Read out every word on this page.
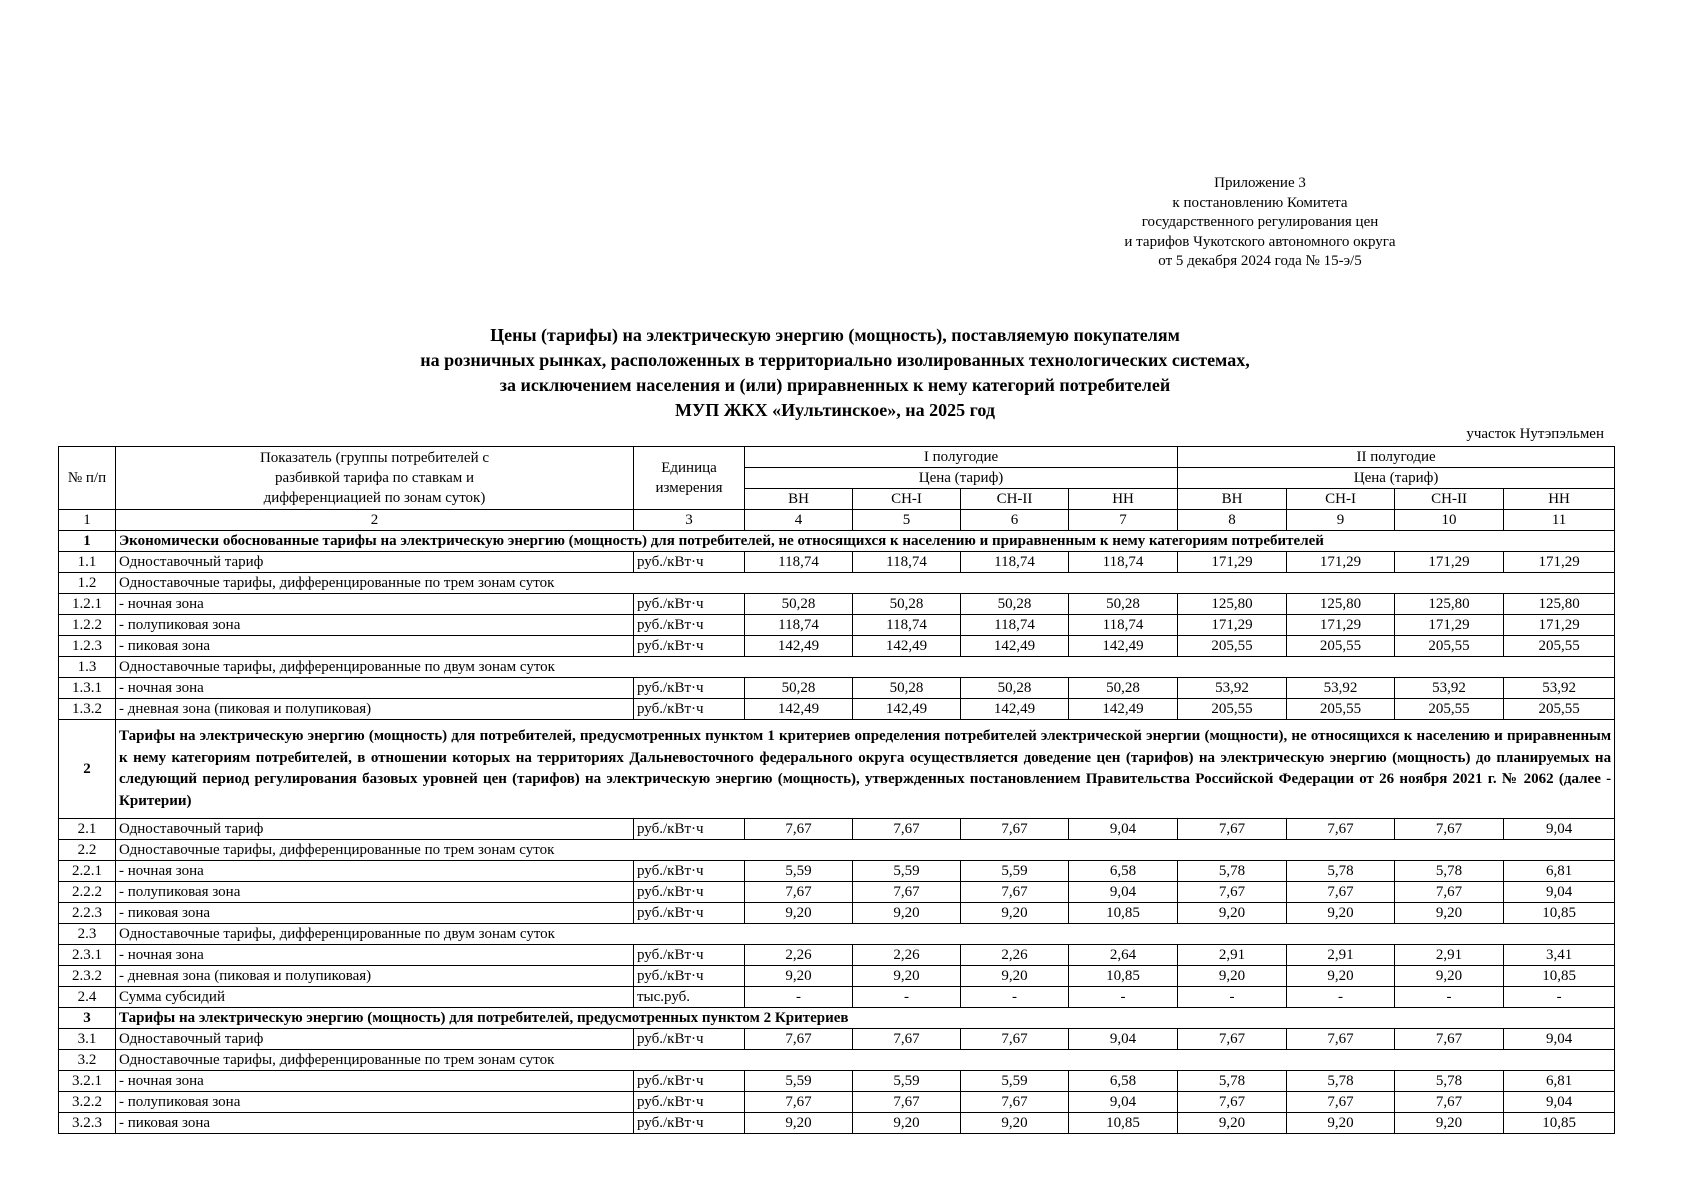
Приложение 3
к постановлению Комитета
государственного регулирования цен
и тарифов Чукотского автономного округа
от 5 декабря 2024 года № 15-э/5
Цены (тарифы) на электрическую энергию (мощность), поставляемую покупателям
на розничных рынках, расположенных в территориально изолированных технологических системах,
за исключением населения и (или) приравненных к нему категорий потребителей
МУП ЖКХ «Иультинское», на 2025 год
участок Нутэпэльмен
№ п/п	Показатель (группы потребителей с разбивкой тарифа по ставкам и дифференциацией по зонам суток)	Единица измерения	I полугодие				II полугодие			
			Цена (тариф)				Цена (тариф)			
			ВН	СН-I	СН-II	НН	ВН	СН-I	СН-II	НН
1	2	3	4	5	6	7	8	9	10	11
1	Экономически обоснованные тарифы на электрическую энергию (мощность) для потребителей, не относящихся к населению и приравненным к нему категориям потребителей									
1.1	Одноставочный тариф	руб./кВт·ч	118,74	118,74	118,74	118,74	171,29	171,29	171,29	171,29
1.2	Одноставочные тарифы, дифференцированные по трем зонам суток									
1.2.1	- ночная зона	руб./кВт·ч	50,28	50,28	50,28	50,28	125,80	125,80	125,80	125,80
1.2.2	- полупиковая зона	руб./кВт·ч	118,74	118,74	118,74	118,74	171,29	171,29	171,29	171,29
1.2.3	- пиковая зона	руб./кВт·ч	142,49	142,49	142,49	142,49	205,55	205,55	205,55	205,55
1.3	Одноставочные тарифы, дифференцированные по двум зонам суток									
1.3.1	- ночная зона	руб./кВт·ч	50,28	50,28	50,28	50,28	53,92	53,92	53,92	53,92
1.3.2	- дневная зона (пиковая и полупиковая)	руб./кВт·ч	142,49	142,49	142,49	142,49	205,55	205,55	205,55	205,55
2	Тарифы на электрическую энергию (мощность) для потребителей, предусмотренных пунктом 1 критериев определения потребителей электрической энергии (мощности), не относящихся к населению и приравненным к нему категориям потребителей, в отношении которых на территориях Дальневосточного федерального округа осуществляется доведение цен (тарифов) на электрическую энергию (мощность) до планируемых на следующий период регулирования базовых уровней цен (тарифов) на электрическую энергию (мощность), утвержденных постановлением Правительства Российской Федерации от 26 ноября 2021 г. № 2062 (далее - Критерии)									
2.1	Одноставочный тариф	руб./кВт·ч	7,67	7,67	7,67	9,04	7,67	7,67	7,67	9,04
2.2	Одноставочные тарифы, дифференцированные по трем зонам суток									
2.2.1	- ночная зона	руб./кВт·ч	5,59	5,59	5,59	6,58	5,78	5,78	5,78	6,81
2.2.2	- полупиковая зона	руб./кВт·ч	7,67	7,67	7,67	9,04	7,67	7,67	7,67	9,04
2.2.3	- пиковая зона	руб./кВт·ч	9,20	9,20	9,20	10,85	9,20	9,20	9,20	10,85
2.3	Одноставочные тарифы, дифференцированные по двум зонам суток									
2.3.1	- ночная зона	руб./кВт·ч	2,26	2,26	2,26	2,64	2,91	2,91	2,91	3,41
2.3.2	- дневная зона (пиковая и полупиковая)	руб./кВт·ч	9,20	9,20	9,20	10,85	9,20	9,20	9,20	10,85
2.4	Сумма субсидий	тыс.руб.	-	-	-	-	-	-	-	-
3	Тарифы на электрическую энергию (мощность) для потребителей, предусмотренных пунктом 2 Критериев									
3.1	Одноставочный тариф	руб./кВт·ч	7,67	7,67	7,67	9,04	7,67	7,67	7,67	9,04
3.2	Одноставочные тарифы, дифференцированные по трем зонам суток									
3.2.1	- ночная зона	руб./кВт·ч	5,59	5,59	5,59	6,58	5,78	5,78	5,78	6,81
3.2.2	- полупиковая зона	руб./кВт·ч	7,67	7,67	7,67	9,04	7,67	7,67	7,67	9,04
3.2.3	- пиковая зона	руб./кВт·ч	9,20	9,20	9,20	10,85	9,20	9,20	9,20	10,85
